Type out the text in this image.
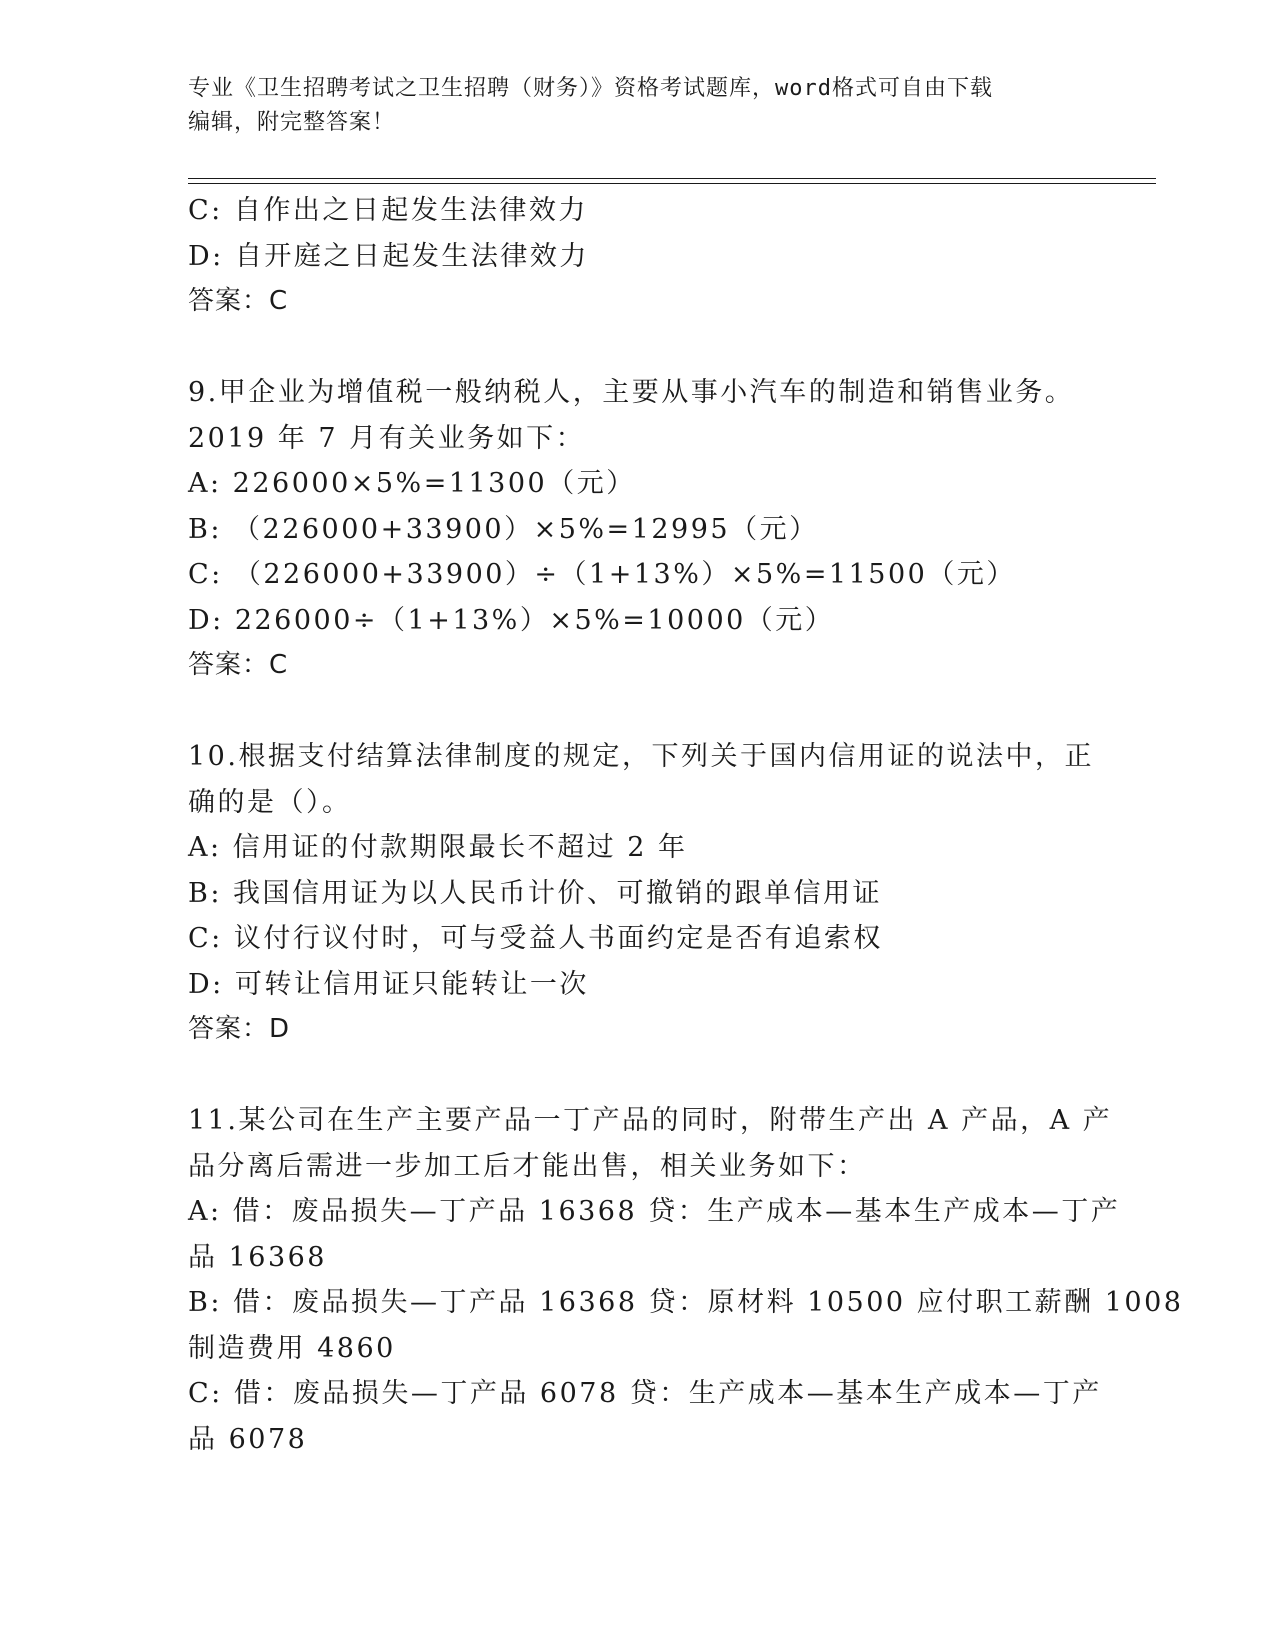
专业《卫生招聘考试之卫生招聘（财务）》资格考试题库，word格式可自由下载
编辑，附完整答案！
C: 自作出之日起发生法律效力
D: 自开庭之日起发生法律效力
答案：C
9.甲企业为增值税一般纳税人，主要从事小汽车的制造和销售业务。
2019 年 7 月有关业务如下：
A: 226000×5%=11300（元）
B: （226000+33900）×5%=12995（元）
C: （226000+33900）÷（1+13%）×5%=11500（元）
D: 226000÷（1+13%）×5%=10000（元）
答案：C
10.根据支付结算法律制度的规定，下列关于国内信用证的说法中，正
确的是（）。
A: 信用证的付款期限最长不超过 2 年
B: 我国信用证为以人民币计价、可撤销的跟单信用证
C: 议付行议付时，可与受益人书面约定是否有追索权
D: 可转让信用证只能转让一次
答案：D
11.某公司在生产主要产品一丁产品的同时，附带生产出 A 产品，A 产
品分离后需进一步加工后才能出售，相关业务如下：
A: 借：废品损失—丁产品 16368 贷：生产成本—基本生产成本—丁产
品 16368
B: 借：废品损失—丁产品 16368 贷：原材料 10500 应付职工薪酬 1008
制造费用 4860
C: 借：废品损失—丁产品 6078 贷：生产成本—基本生产成本—丁产
品 6078
